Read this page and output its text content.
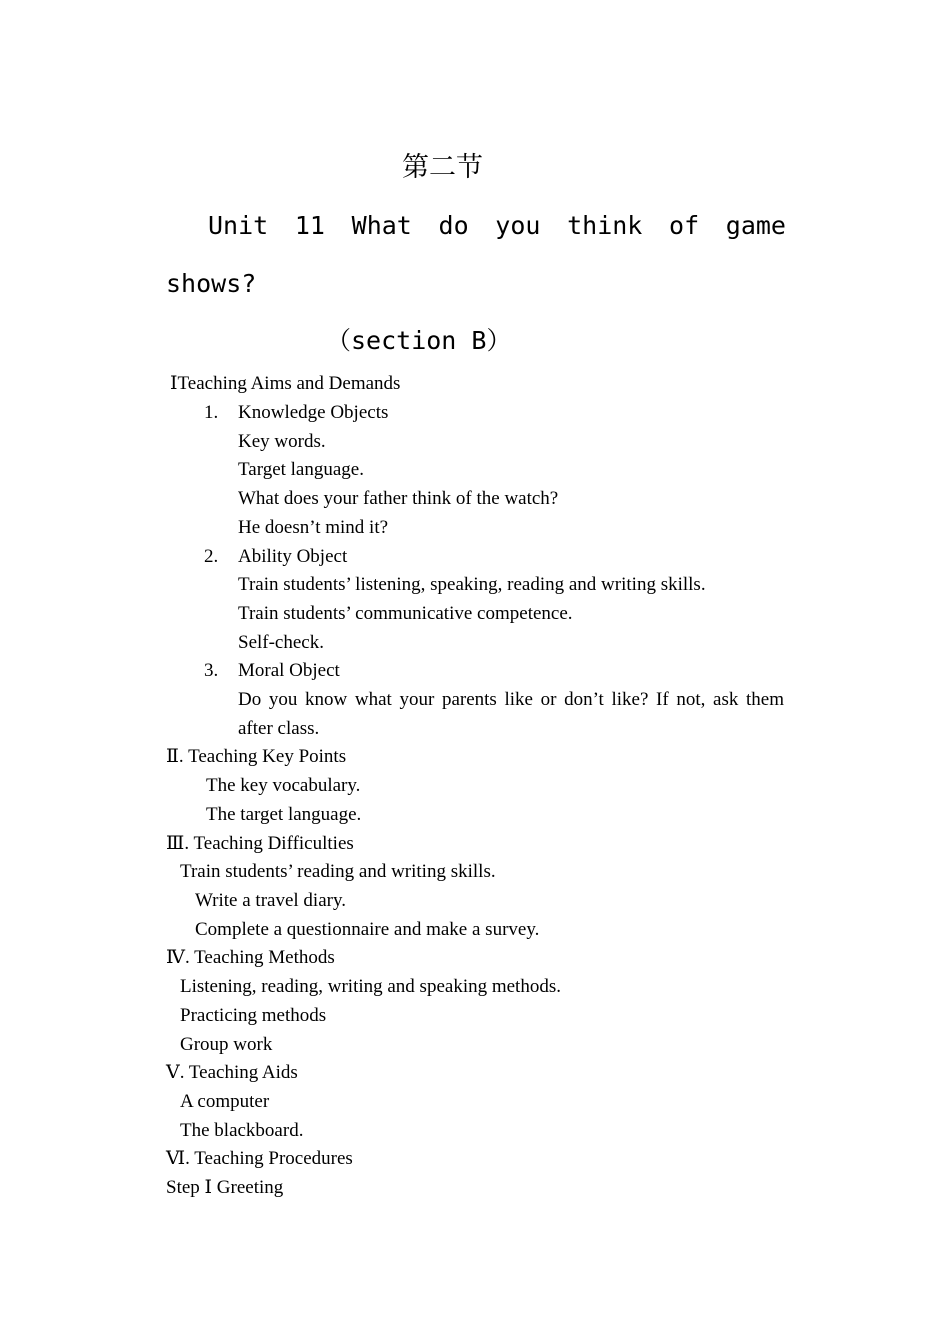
第二节
Unit 11 What do you think of game
shows?
（section B）
ⅠTeaching Aims and Demands
1. Knowledge Objects
Key words.
Target language.
What does your father think of the watch?
He doesn’t mind it?
2. Ability Object
Train students’ listening, speaking, reading and writing skills.
Train students’ communicative competence.
Self-check.
3. Moral Object
Do you know what your parents like or don’t like? If not, ask them
after class.
Ⅱ. Teaching Key Points
The key vocabulary.
The target language.
Ⅲ. Teaching Difficulties
Train students’ reading and writing skills.
Write a travel diary.
Complete a questionnaire and make a survey.
Ⅳ. Teaching Methods
Listening, reading, writing and speaking methods.
Practicing methods
Group work
Ⅴ. Teaching Aids
A computer
The blackboard.
Ⅵ. Teaching Procedures
Step Ⅰ Greeting
